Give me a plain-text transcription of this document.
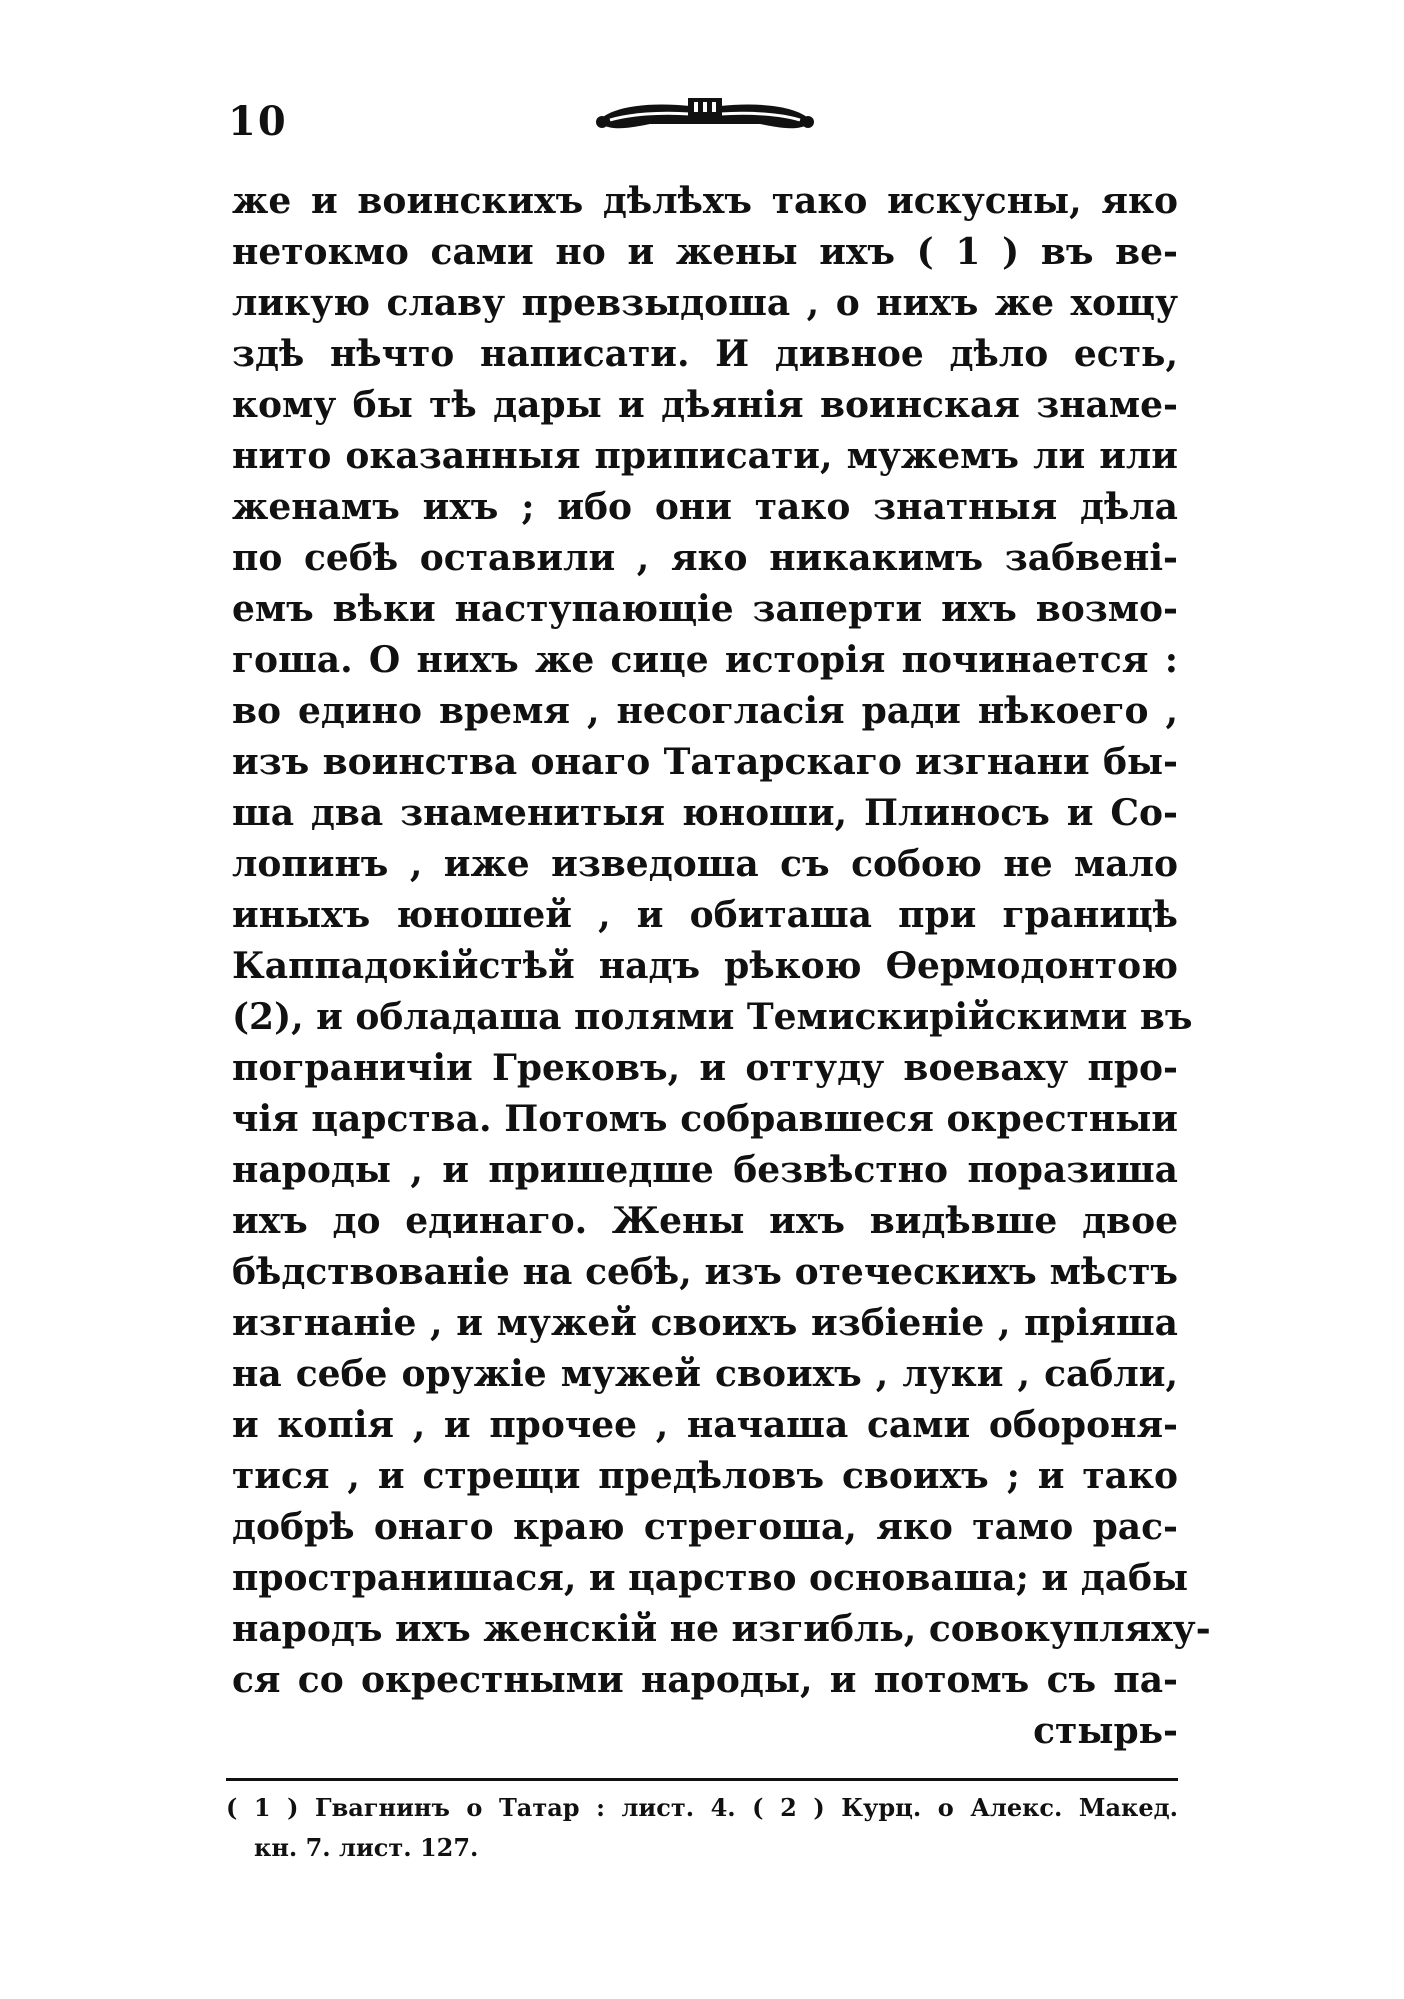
10
же и воинскихъ дѣлѣхъ тако искусны, яко
нетокмо сами но и жены ихъ ( 1 ) въ ве-
ликую славу превзыдоша , о нихъ же хощу
здѣ нѣчто написати. И дивное дѣло есть,
кому бы тѣ дары и дѣянія воинская знаме-
нито оказанныя приписати, мужемъ ли или
женамъ ихъ ; ибо они тако знатныя дѣла
по себѣ оставили , яко никакимъ забвені-
емъ вѣки наступающіе заперти ихъ возмо-
гоша. О нихъ же сице исторія починается :
во едино время , несогласія ради нѣкоего ,
изъ воинства онаго Татарскаго изгнани бы-
ша два знаменитыя юноши, Плиносъ и Со-
лопинъ , иже изведоша съ собою не мало
иныхъ юношей , и обиташа при границѣ
Каппадокійстѣй надъ рѣкою Ѳермодонтою
(2), и обладаша полями Темискирійскими въ
пограничіи Грековъ, и оттуду воеваху про-
чія царства. Потомъ собравшеся окрестныи
народы , и пришедше безвѣстно поразиша
ихъ до единаго. Жены ихъ видѣвше двое
бѣдствованіе на себѣ, изъ отеческихъ мѣстъ
изгнаніе , и мужей своихъ избіеніе , пріяша
на себе оружіе мужей своихъ , луки , сабли,
и копія , и прочее , начаша сами обороня-
тися , и стрещи предѣловъ своихъ ; и тако
добрѣ онаго краю стрегоша, яко тамо рас-
пространишася, и царство основаша; и дабы
народъ ихъ женскій не изгибль, совокупляху-
ся со окрестными народы, и потомъ съ па-
стырь-
( 1 ) Гвагнинъ о Татар : лист. 4. ( 2 ) Курц. о Алекс. Макед.
кн. 7. лист. 127.
